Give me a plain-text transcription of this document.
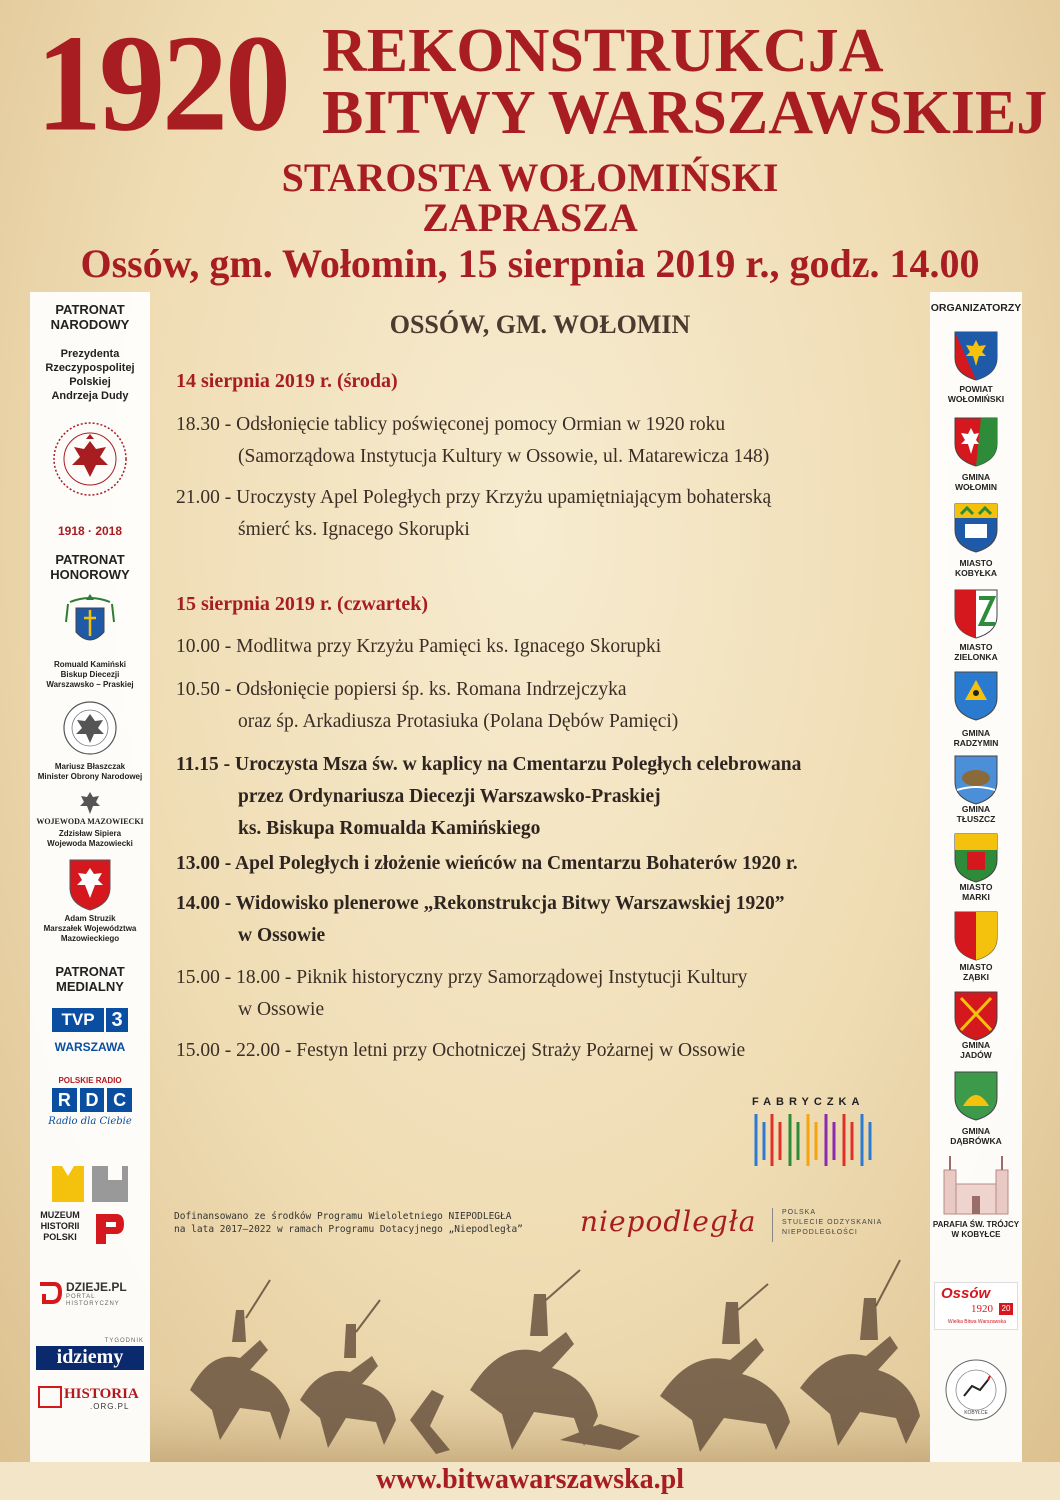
1920 REKONSTRUKCJA
BITWY WARSZAWSKIEJ
STAROSTA WOŁOMIŃSKI
ZAPRASZA
Ossów, gm. Wołomin, 15 sierpnia 2019 r., godz. 14.00
PATRONAT
NARODOWY
Prezydenta
Rzeczypospolitej
Polskiej
Andrzeja Dudy
1918 · 2018
PATRONAT
HONOROWY
Romuald Kamiński
Biskup Diecezji
Warszawsko – Praskiej
Mariusz Błaszczak
Minister Obrony Narodowej
WOJEWODA MAZOWIECKI
Zdzisław Sipiera
Wojewoda Mazowiecki
Adam Struzik
Marszałek Województwa
Mazowieckiego
PATRONAT
MEDIALNY
TVP 3
WARSZAWA
POLSKIE RADIO
R D C
Radio dla Ciebie
MUZEUM
HISTORII
POLSKI
DZIEJE.PL
PORTAL
HISTORYCZNY
TYGODNIK
idziemy
HISTORIA
.ORG.PL
ORGANIZATORZY
POWIAT
WOŁOMIŃSKI
GMINA
WOŁOMIN
MIASTO
KOBYŁKA
MIASTO
ZIELONKA
GMINA
RADZYMIN
GMINA
TŁUSZCZ
MIASTO
MARKI
MIASTO
ZĄBKI
GMINA
JADÓW
GMINA
DĄBRÓWKA
PARAFIA ŚW. TRÓJCY
W KOBYŁCE
Ossów
1920	20
Wielka Bitwa Warszawska
KOBYŁCE
OSSÓW, GM. WOŁOMIN
14 sierpnia 2019 r. (środa)
18.30 - Odsłonięcie tablicy poświęconej pomocy Ormian w 1920 roku
(Samorządowa Instytucja Kultury w Ossowie, ul. Matarewicza 148)
21.00 - Uroczysty Apel Poległych przy Krzyżu upamiętniającym bohaterską
śmierć ks. Ignacego Skorupki
15 sierpnia 2019 r. (czwartek)
10.00 - Modlitwa przy Krzyżu Pamięci ks. Ignacego Skorupki
10.50 - Odsłonięcie popiersi śp. ks. Romana Indrzejczyka
oraz śp. Arkadiusza Protasiuka (Polana Dębów Pamięci)
11.15 - Uroczysta Msza św. w kaplicy na Cmentarzu Poległych celebrowana
przez Ordynariusza Diecezji Warszawsko-Praskiej
ks. Biskupa Romualda Kamińskiego
13.00 - Apel Poległych i złożenie wieńców na Cmentarzu Bohaterów 1920 r.
14.00 - Widowisko plenerowe „Rekonstrukcja Bitwy Warszawskiej 1920”
w Ossowie
15.00 - 18.00 - Piknik historyczny przy Samorządowej Instytucji Kultury
w Ossowie
15.00 - 22.00 - Festyn letni przy Ochotniczej Straży Pożarnej w Ossowie
FABRYCZKA
Dofinansowano ze środków Programu Wieloletniego NIEPODLEGŁA
na lata 2017–2022 w ramach Programu Dotacyjnego „Niepodległa”	niepodległa	POLSKA
STULECIE ODZYSKANIA
NIEPODLEGŁOŚCI
www.bitwawarszawska.pl
